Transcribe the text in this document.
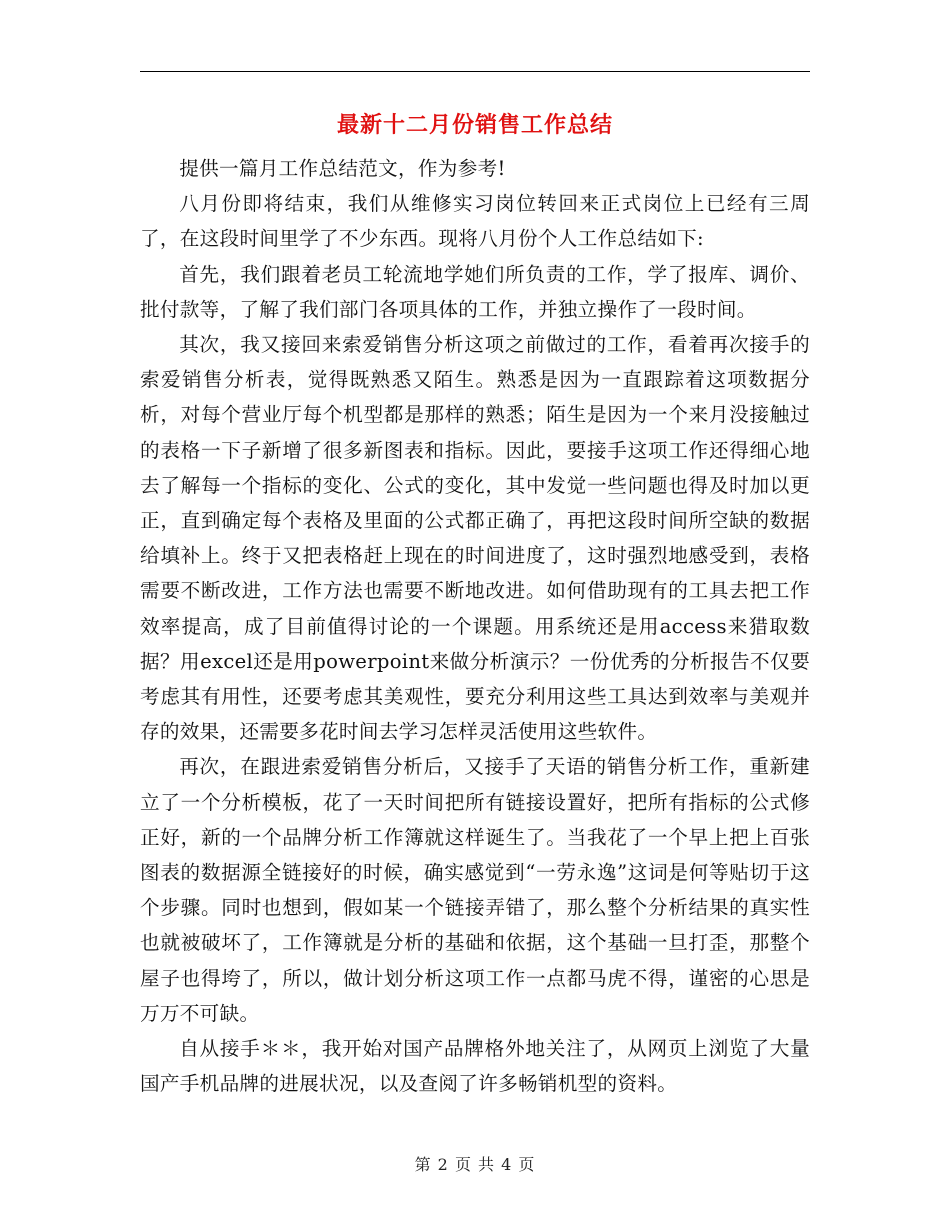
最新十二月份销售工作总结

提供一篇月工作总结范文，作为参考!

八月份即将结束，我们从维修实习岗位转回来正式岗位上已经有三周了，在这段时间里学了不少东西。现将八月份个人工作总结如下:

首先，我们跟着老员工轮流地学她们所负责的工作，学了报库、调价、批付款等，了解了我们部门各项具体的工作，并独立操作了一段时间。

其次，我又接回来索爱销售分析这项之前做过的工作，看着再次接手的索爱销售分析表，觉得既熟悉又陌生。熟悉是因为一直跟踪着这项数据分析，对每个营业厅每个机型都是那样的熟悉；陌生是因为一个来月没接触过的表格一下子新增了很多新图表和指标。因此，要接手这项工作还得细心地去了解每一个指标的变化、公式的变化，其中发觉一些问题也得及时加以更正，直到确定每个表格及里面的公式都正确了，再把这段时间所空缺的数据给填补上。终于又把表格赶上现在的时间进度了，这时强烈地感受到，表格需要不断改进，工作方法也需要不断地改进。如何借助现有的工具去把工作效率提高，成了目前值得讨论的一个课题。用系统还是用access来猎取数据？用excel还是用powerpoint来做分析演示？一份优秀的分析报告不仅要考虑其有用性，还要考虑其美观性，要充分利用这些工具达到效率与美观并存的效果，还需要多花时间去学习怎样灵活使用这些软件。

再次，在跟进索爱销售分析后，又接手了天语的销售分析工作，重新建立了一个分析模板，花了一天时间把所有链接设置好，把所有指标的公式修正好，新的一个品牌分析工作簿就这样诞生了。当我花了一个早上把上百张图表的数据源全链接好的时候，确实感觉到“一劳永逸”这词是何等贴切于这个步骤。同时也想到，假如某一个链接弄错了，那么整个分析结果的真实性也就被破坏了，工作簿就是分析的基础和依据，这个基础一旦打歪，那整个屋子也得垮了，所以，做计划分析这项工作一点都马虎不得，谨密的心思是万万不可缺。

自从接手＊＊，我开始对国产品牌格外地关注了，从网页上浏览了大量国产手机品牌的进展状况，以及查阅了许多畅销机型的资料。

第 2 页 共 4 页
